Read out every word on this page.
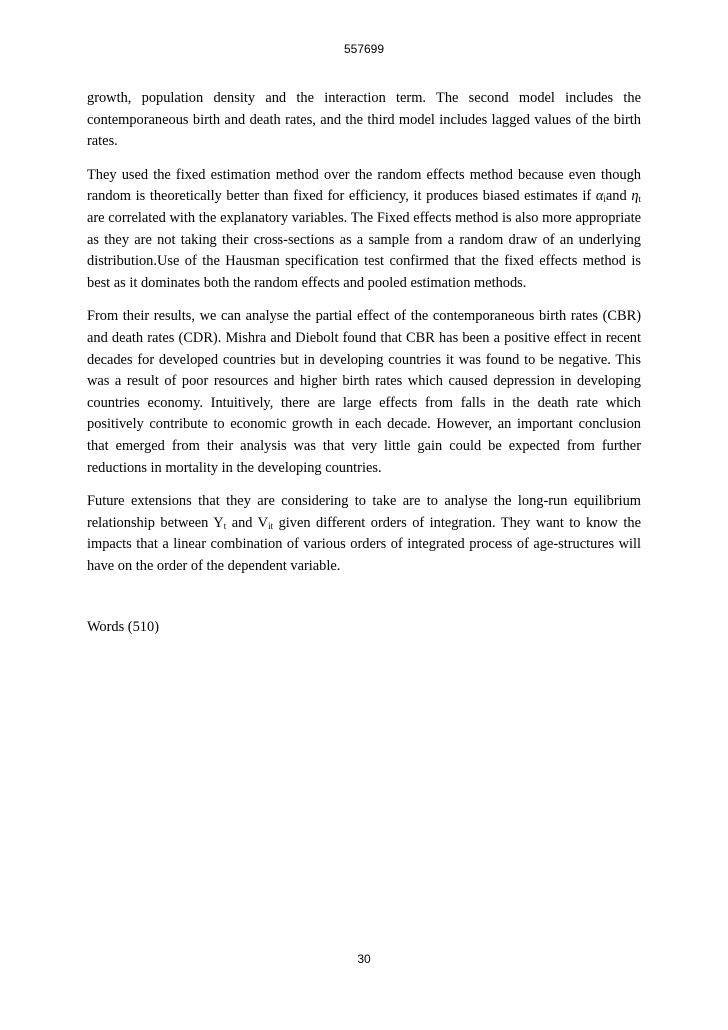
557699

growth, population density and the interaction term. The second model includes the contemporaneous birth and death rates, and the third model includes lagged values of the birth rates.

They used the fixed estimation method over the random effects method because even though random is theoretically better than fixed for efficiency, it produces biased estimates if $\alpha_iand$ $\eta_t$ are correlated with the explanatory variables. The Fixed effects method is also more appropriate as they are not taking their cross-sections as a sample from a random draw of an underlying distribution.Use of the Hausman specification test confirmed that the fixed effects method is best as it dominates both the random effects and pooled estimation methods.

From their results, we can analyse the partial effect of the contemporaneous birth rates (CBR) and death rates (CDR). Mishra and Diebolt found that CBR has been a positive effect in recent decades for developed countries but in developing countries it was found to be negative. This was a result of poor resources and higher birth rates which caused depression in developing countries economy. Intuitively, there are large effects from falls in the death rate which positively contribute to economic growth in each decade. However, an important conclusion that emerged from their analysis was that very little gain could be expected from further reductions in mortality in the developing countries.

Future extensions that they are considering to take are to analyse the long-run equilibrium relationship between $Y_t$ and $V_{it}$ given different orders of integration. They want to know the impacts that a linear combination of various orders of integrated process of age-structures will have on the order of the dependent variable.

Words (510)
30
